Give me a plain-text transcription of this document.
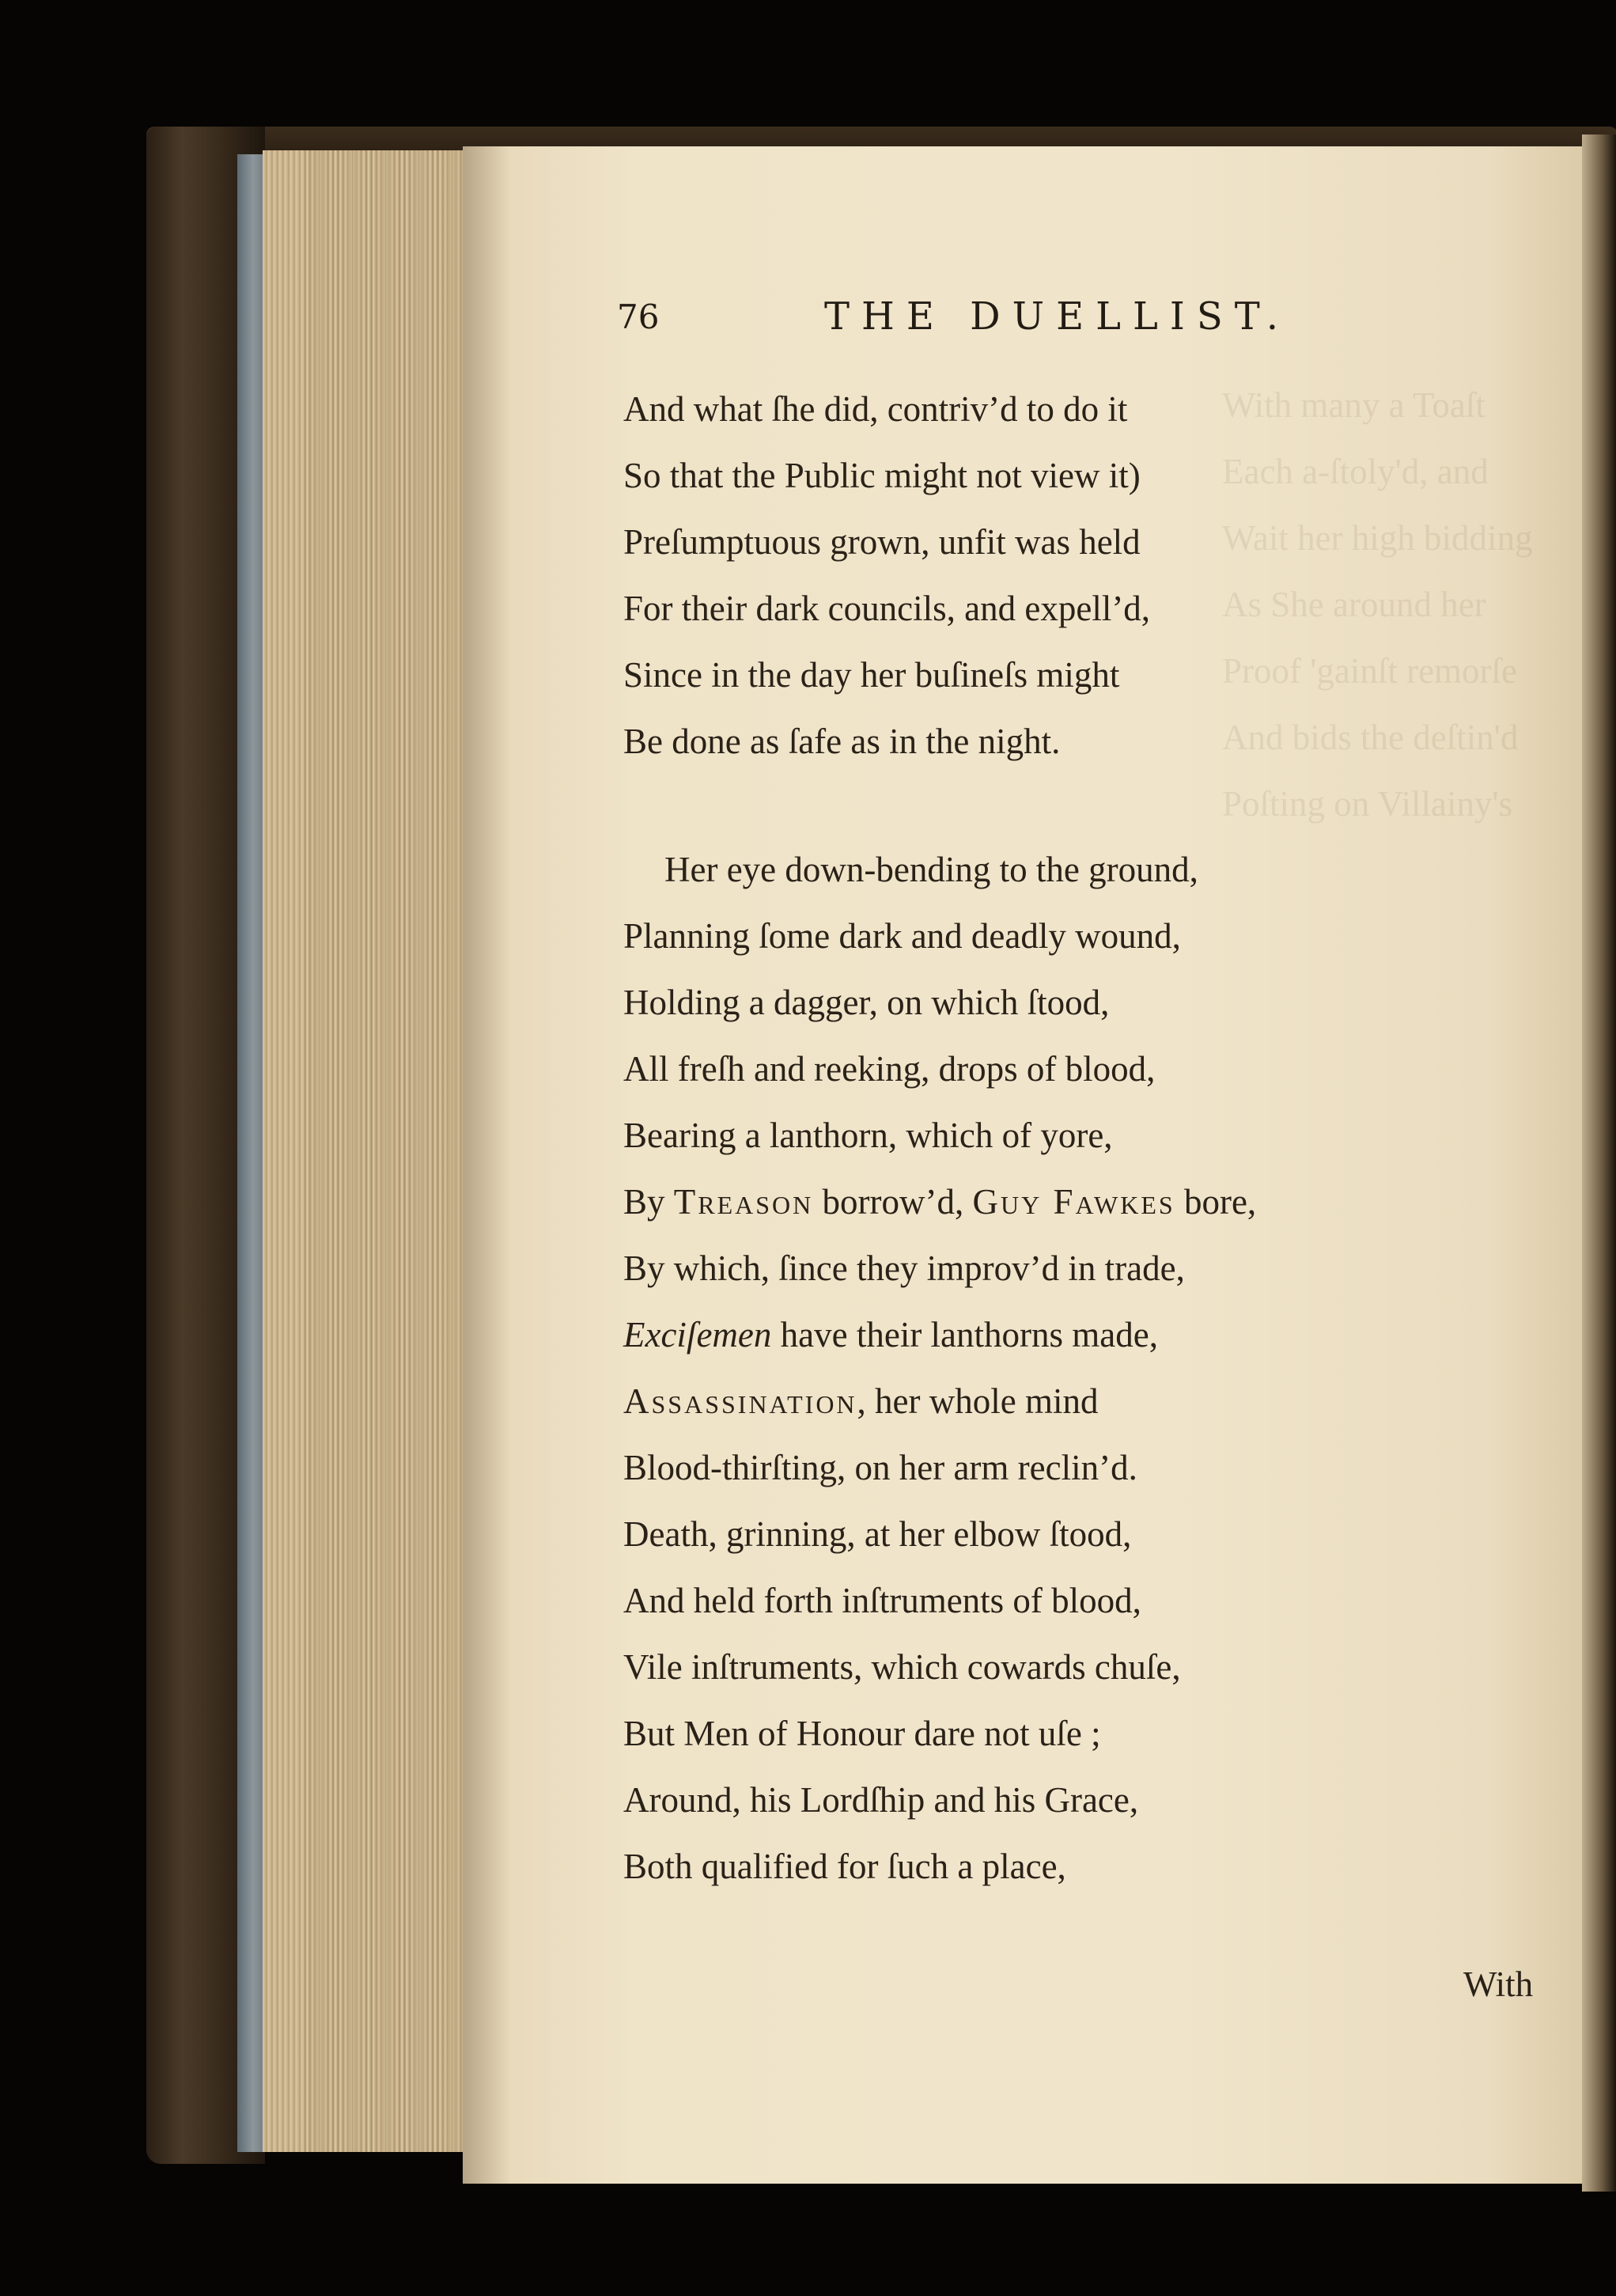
With many a Toaſt
Each a-ſtoly'd, and
Wait her high bidding
As She around her
Proof 'gainſt remorſe
And bids the deſtin'd
Poſting on Villainy's
76	THE DUELLIST.
And what ſhe did, contriv’d to do it
So that the Public might not view it)
Preſumptuous grown, unfit was held
For their dark councils, and expell’d,
Since in the day her buſineſs might
Be done as ſafe as in the night.
Her eye down-bending to the ground,
Planning ſome dark and deadly wound,
Holding a dagger, on which ſtood,
All freſh and reeking, drops of blood,
Bearing a lanthorn, which of yore,
By Treason borrow’d, Guy Fawkes bore,
By which, ſince they improv’d in trade,
Exciſemen have their lanthorns made,
Assassination, her whole mind
Blood-thirſting, on her arm reclin’d.
Death, grinning, at her elbow ſtood,
And held forth inſtruments of blood,
Vile inſtruments, which cowards chuſe,
But Men of Honour dare not uſe ;
Around, his Lordſhip and his Grace,
Both qualified for ſuch a place,
With
